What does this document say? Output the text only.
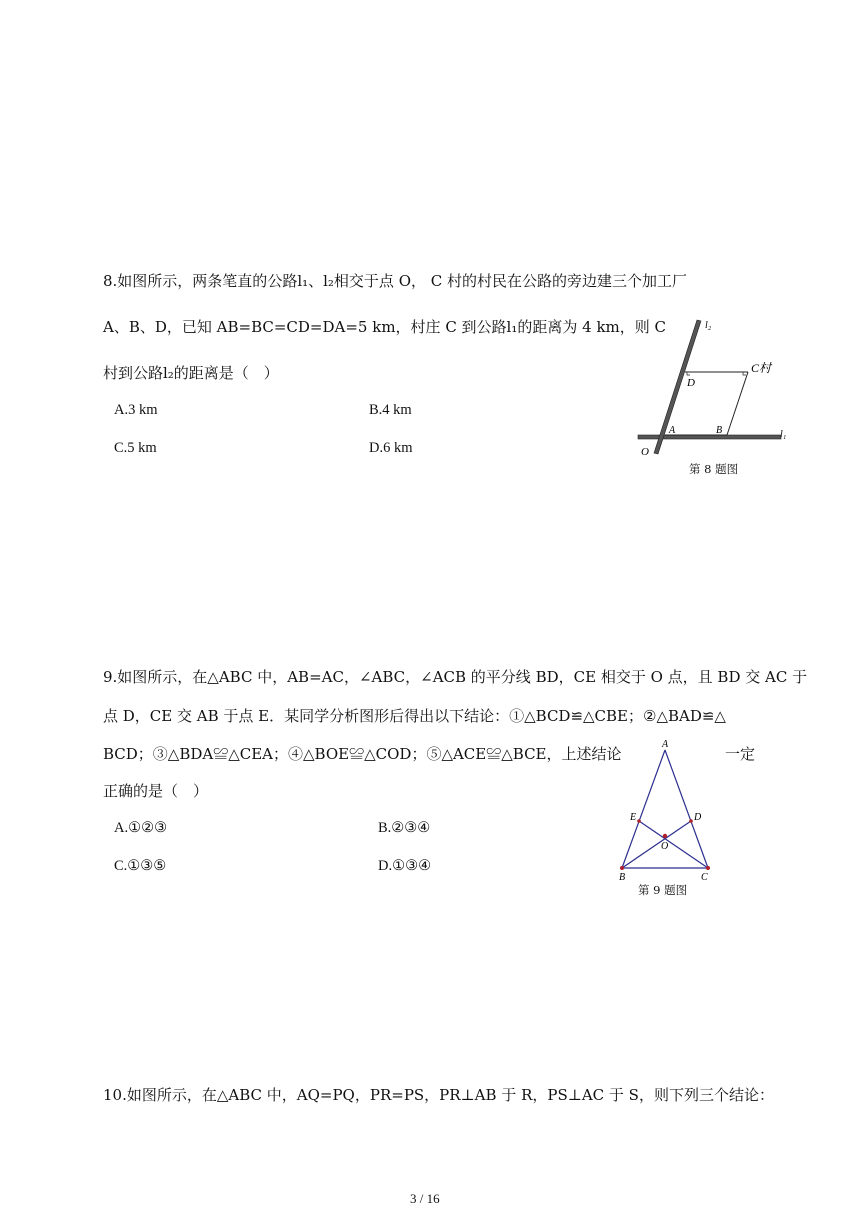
8.如图所示，两条笔直的公路l₁、l₂相交于点 O， C 村的村民在公路的旁边建三个加工厂
A、B、D，已知 AB=BC=CD=DA=5 km，村庄 C 到公路l₁的距离为 4 km，则 C
村到公路l₂的距离是（　）
A.3 km	B.4 km
C.5 km	D.6 km
l₂
l₁
C村
D
A	B
O
第 8 题图
9.如图所示，在△ABC 中，AB=AC，∠ABC，∠ACB 的平分线 BD，CE 相交于 O 点，且 BD 交 AC 于
点 D，CE 交 AB 于点 E．某同学分析图形后得出以下结论：①△BCD≌△CBE；②△BAD≌△
BCD；③△BDA≌△CEA；④△BOE≌△COD；⑤△ACE≌△BCE，上述结论	一定
正确的是（　）
A.①②③	B.②③④
C.①③⑤	D.①③④
A
E	D
O
B	C
第 9 题图
10.如图所示，在△ABC 中，AQ=PQ，PR=PS，PR⊥AB 于 R，PS⊥AC 于 S，则下列三个结论：
3 / 16
